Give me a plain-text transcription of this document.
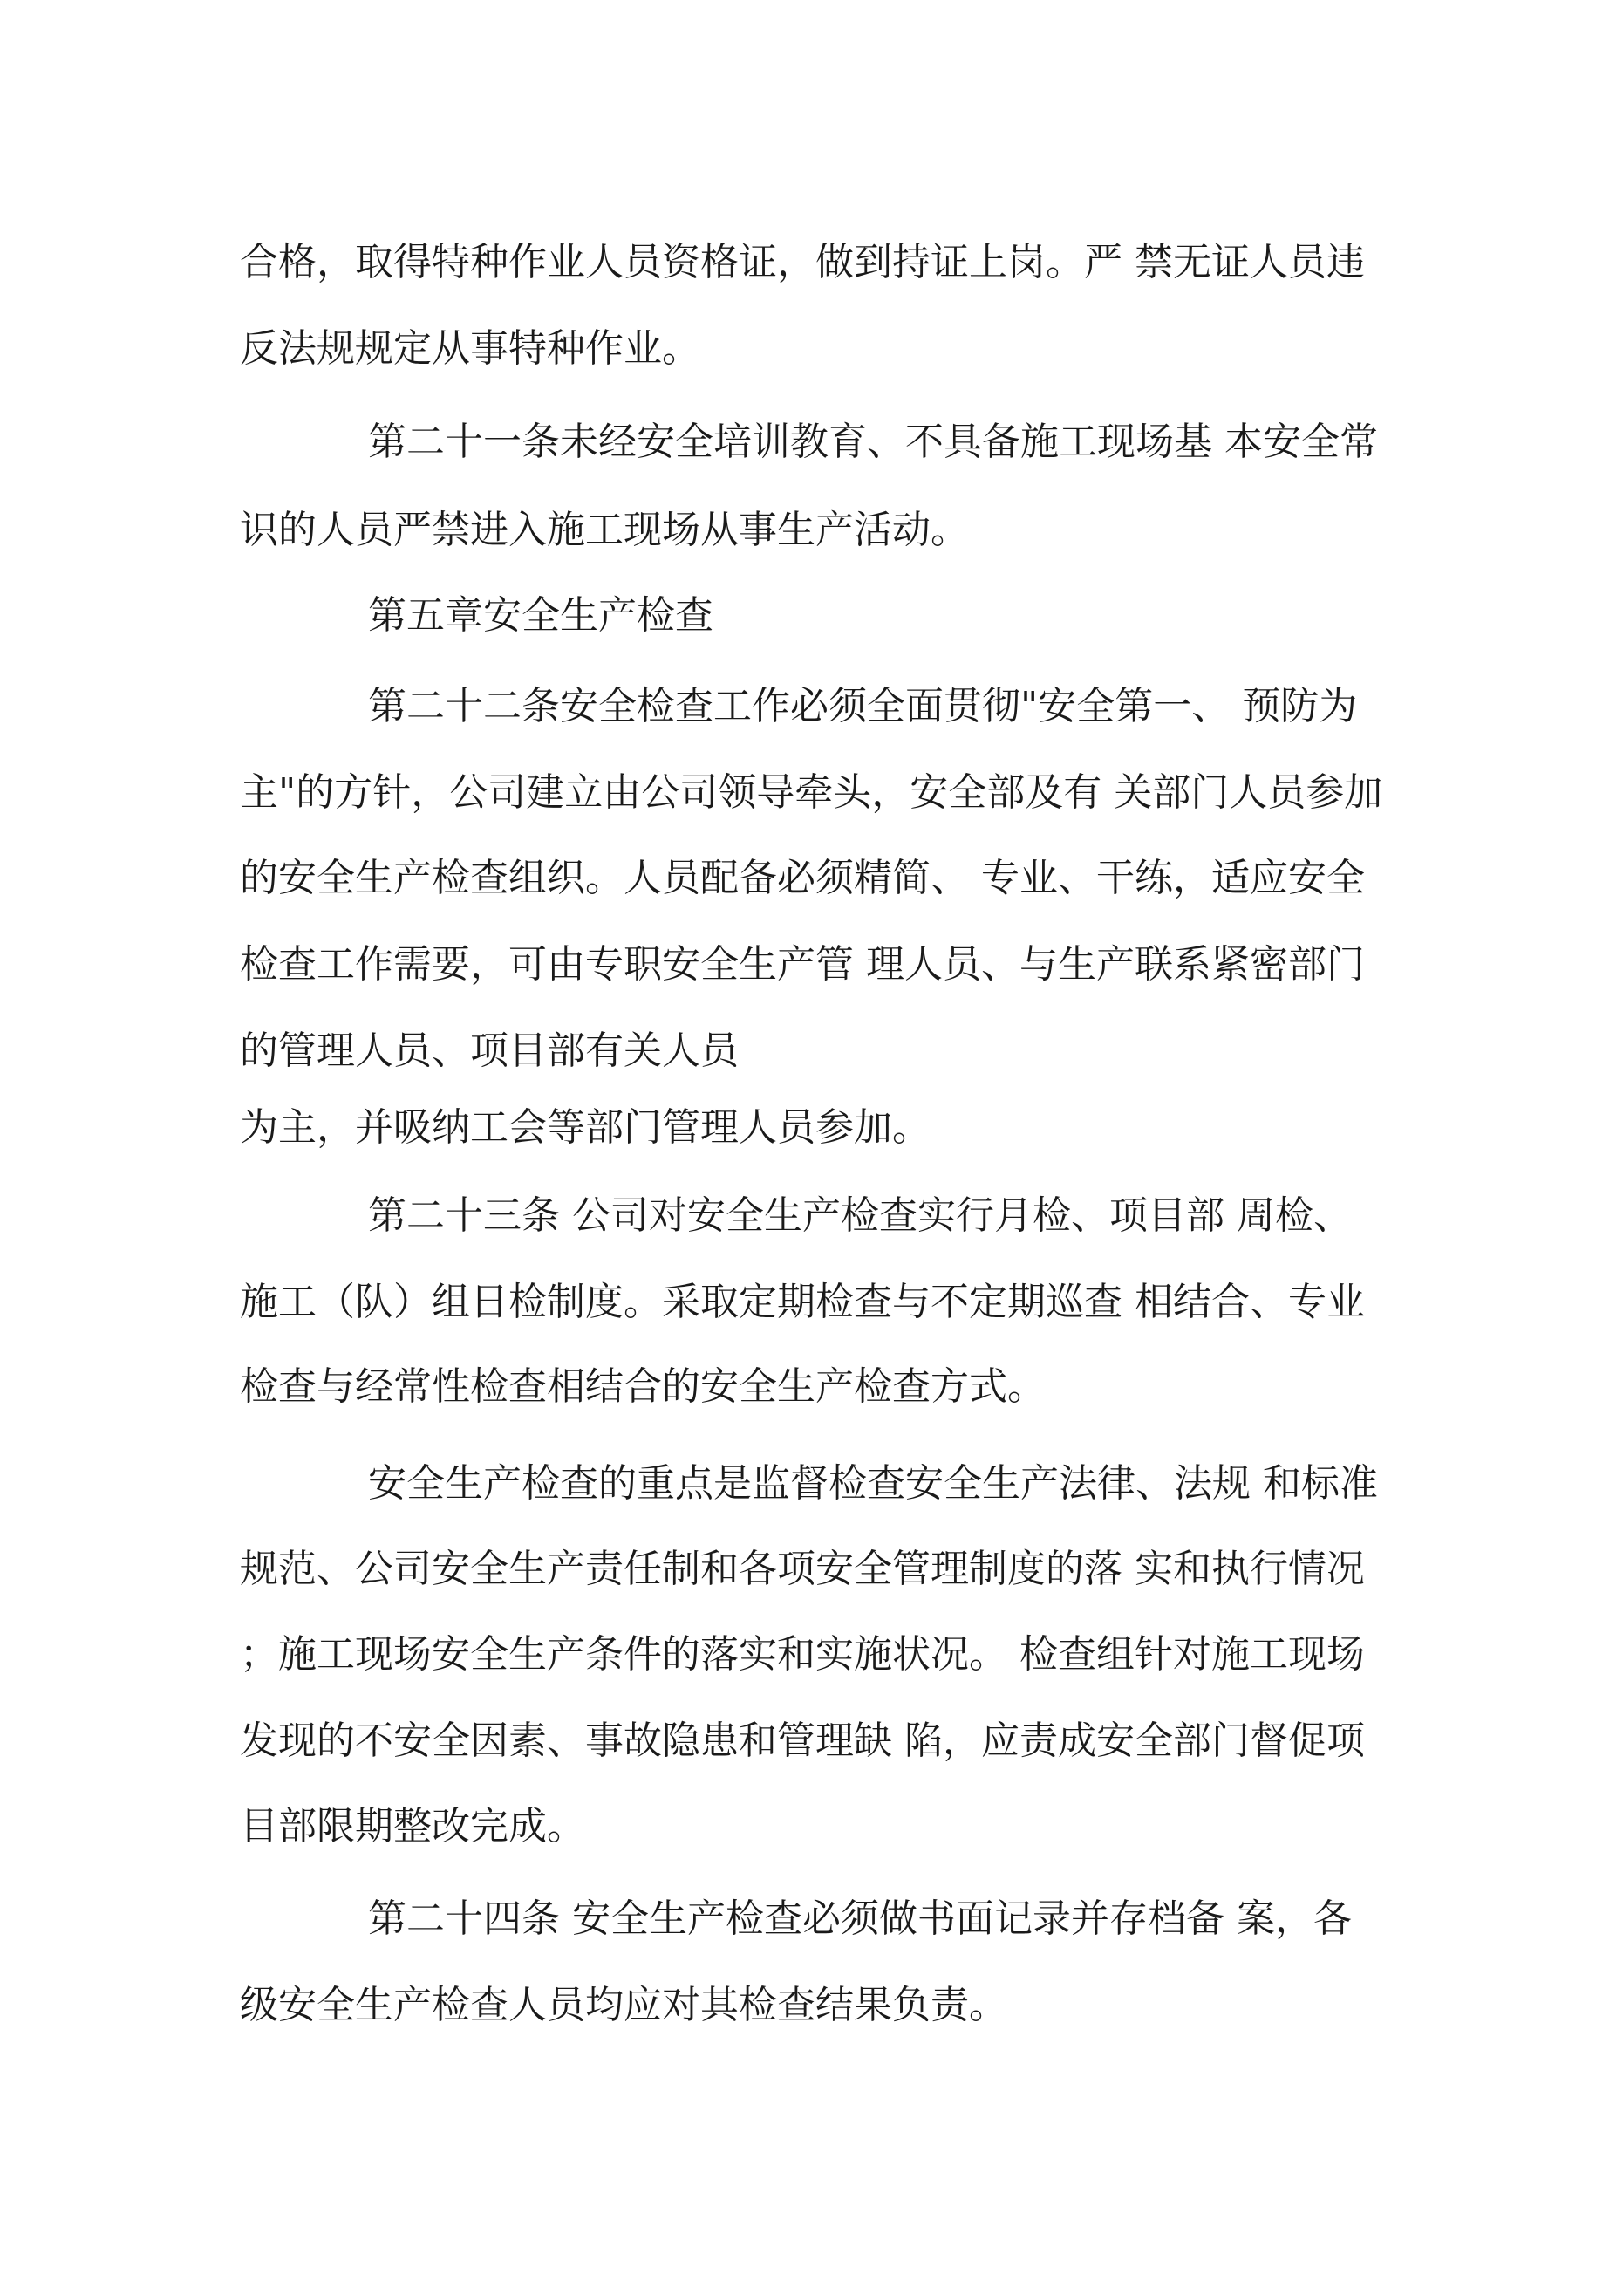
合格，取得特种作业人员资格证，做到持证上岗。严 禁无证人员违

反法规规定从事特种作业。

第二十一条未经安全培训教育、不具备施工现场基 本安全常

识的人员严禁进入施工现场从事生产活动。

第五章安全生产检查

第二十二条安全检查工作必须全面贯彻"安全第一、 预防为

主"的方针，公司建立由公司领导牵头，安全部及有 关部门人员参加

的安全生产检查组织。人员配备必须精简、 专业、干练，适应安全

检查工作需要，可由专职安全生产管 理人员、与生产联系紧密部门

的管理人员、项目部有关人员

为主，并吸纳工会等部门管理人员参加。

第二十三条 公司对安全生产检查实行月检、项目部 周检、

施工（队）组日检制度。采取定期检查与不定期巡查 相结合、专业

检查与经常性检查相结合的安全生产检查方式。

安全生产检查的重点是监督检查安全生产法律、法规 和标准

规范、公司安全生产责任制和各项安全管理制度的落 实和执行情况

；施工现场安全生产条件的落实和实施状况。 检查组针对施工现场

发现的不安全因素、事故隐患和管理缺 陷，应责成安全部门督促项

目部限期整改完成。

第二十四条 安全生产检查必须做书面记录并存档备 案，各

级安全生产检查人员均应对其检查结果负责。
